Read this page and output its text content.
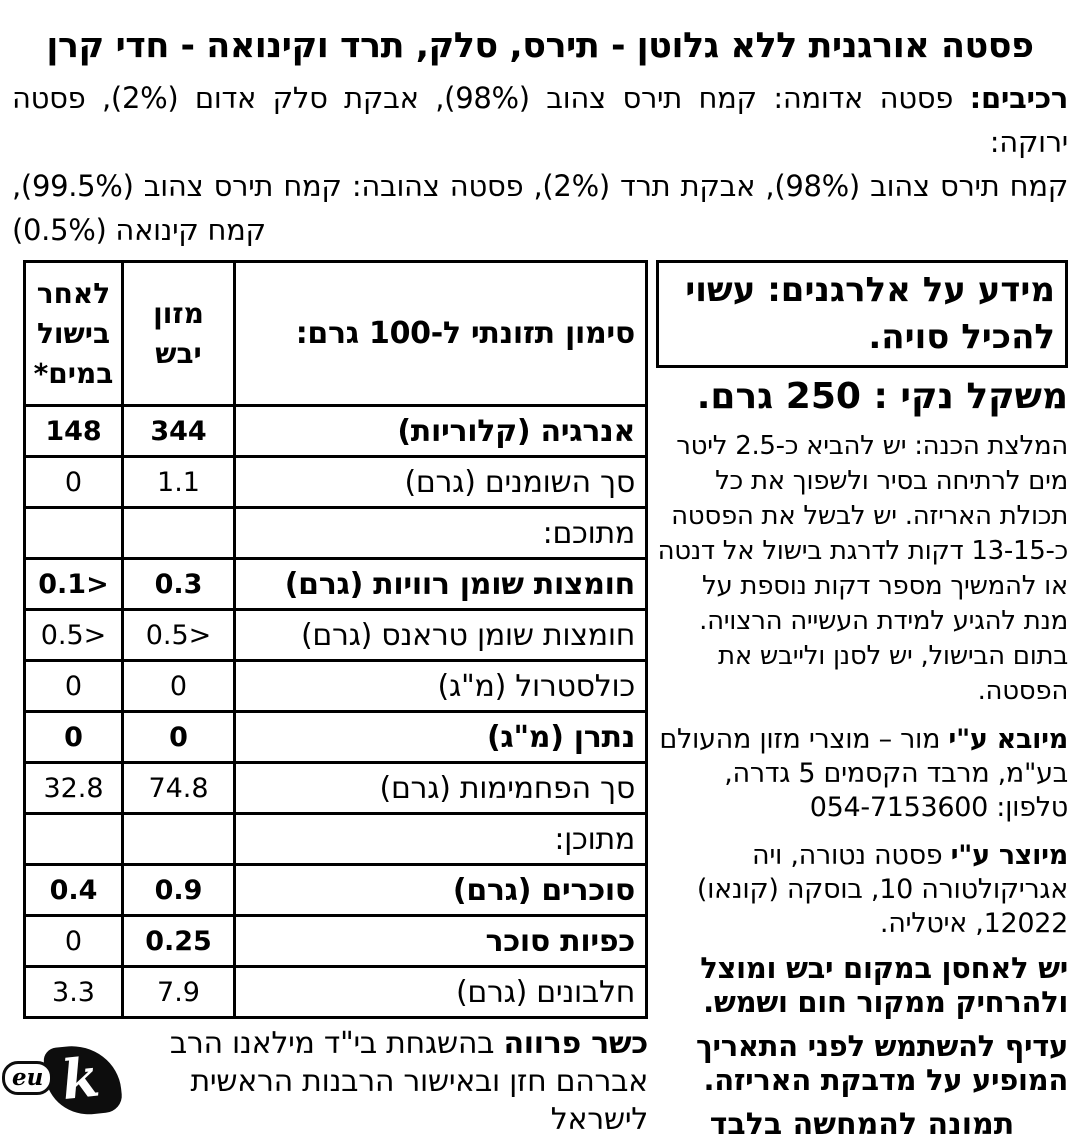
פסטה אורגנית ללא גלוטן - תירס, סלק, תרד וקינואה - חדי קרן
רכיבים: פסטה אדומה: קמח תירס צהוב (98%), אבקת סלק אדום (2%), פסטה ירוקה:
קמח תירס צהוב (98%), אבקת תרד (2%), פסטה צהובה: קמח תירס צהוב (99.5%),
קמח קינואה (0.5%)
מידע על אלרגנים: עשוי להכיל סויה.
משקל נקי : 250 גרם.
המלצת הכנה: יש להביא כ-2.5 ליטר מים לרתיחה בסיר ולשפוך את כל תכולת האריזה. יש לבשל את הפסטה כ-13-15 דקות לדרגת בישול אל דנטה או להמשיך מספר דקות נוספת על מנת להגיע למידת העשייה הרצויה. בתום הבישול, יש לסנן ולייבש את הפסטה.
מיובא ע"י מור – מוצרי מזון מהעולם בע"מ, מרבד הקסמים 5 גדרה, טלפון: 054-7153600
מיוצר ע"י פסטה נטורה, ויה אגריקולטורה 10, בוסקה (קונאו) 12022, איטליה.
יש לאחסן במקום יבש ומוצל ולהרחיק ממקור חום ושמש.
עדיף להשתמש לפני התאריך המופיע על מדבקת האריזה.
תמונה להמחשה בלבד
סימון תזונתי ל-100 גרם:	מזון יבש	לאחר בישול במים*
אנרגיה (קלוריות)	344	148
סך השומנים (גרם)	1.1	0
מתוכם:		
חומצות שומן רוויות (גרם)	0.3	<0.1
חומצות שומן טראנס (גרם)	<0.5	<0.5
כולסטרול (מ"ג)	0	0
נתרן (מ"ג)	0	0
סך הפחמימות (גרם)	74.8	32.8
מתוכן:		
סוכרים (גרם)	0.9	0.4
כפיות סוכר	0.25	0
חלבונים (גרם)	7.9	3.3
כשר פרווה בהשגחת בי"ד מילאנו הרב אברהם חזן ובאישור הרבנות הראשית לישראל
k
eu
